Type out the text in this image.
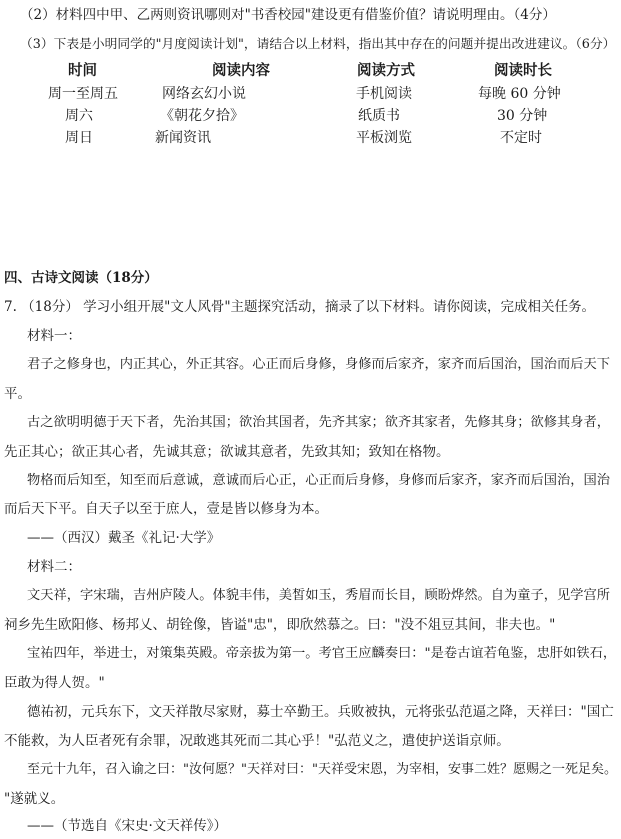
（2）材料四中甲、乙两则资讯哪则对"书香校园"建设更有借鉴价值？请说明理由。（4分）
（3）下表是小明同学的"月度阅读计划"，请结合以上材料，指出其中存在的问题并提出改进建议。（6分）
时间	阅读内容	阅读方式	阅读时长
周一至周五	网络玄幻小说	手机阅读	每晚 60 分钟
周六	《朝花夕拾》	纸质书	30 分钟
周日	新闻资讯	平板浏览	不定时
四、古诗文阅读（18分）
7. （18分） 学习小组开展"文人风骨"主题探究活动，摘录了以下材料。请你阅读，完成相关任务。
材料一：
君子之修身也，内正其心，外正其容。心正而后身修，身修而后家齐，家齐而后国治，国治而后天下
平。
古之欲明明德于天下者，先治其国；欲治其国者，先齐其家；欲齐其家者，先修其身；欲修其身者，
先正其心；欲正其心者，先诚其意；欲诚其意者，先致其知；致知在格物。
物格而后知至，知至而后意诚，意诚而后心正，心正而后身修，身修而后家齐，家齐而后国治，国治
而后天下平。自天子以至于庶人，壹是皆以修身为本。
——（西汉）戴圣《礼记·大学》
材料二：
文天祥，字宋瑞，吉州庐陵人。体貌丰伟，美皙如玉，秀眉而长目，顾盼烨然。自为童子，见学宫所
祠乡先生欧阳修、杨邦乂、胡铨像，皆谥"忠"，即欣然慕之。曰："没不俎豆其间，非夫也。"
宝祐四年，举进士，对策集英殿。帝亲拔为第一。考官王应麟奏曰："是卷古谊若龟鉴，忠肝如铁石，
臣敢为得人贺。"
德祐初，元兵东下，文天祥散尽家财，募士卒勤王。兵败被执，元将张弘范逼之降，天祥曰："国亡
不能救，为人臣者死有余罪，况敢逃其死而二其心乎！"弘范义之，遣使护送诣京师。
至元十九年，召入谕之曰："汝何愿？"天祥对曰："天祥受宋恩，为宰相，安事二姓？愿赐之一死足矣。
"遂就义。
——（节选自《宋史·文天祥传》）
